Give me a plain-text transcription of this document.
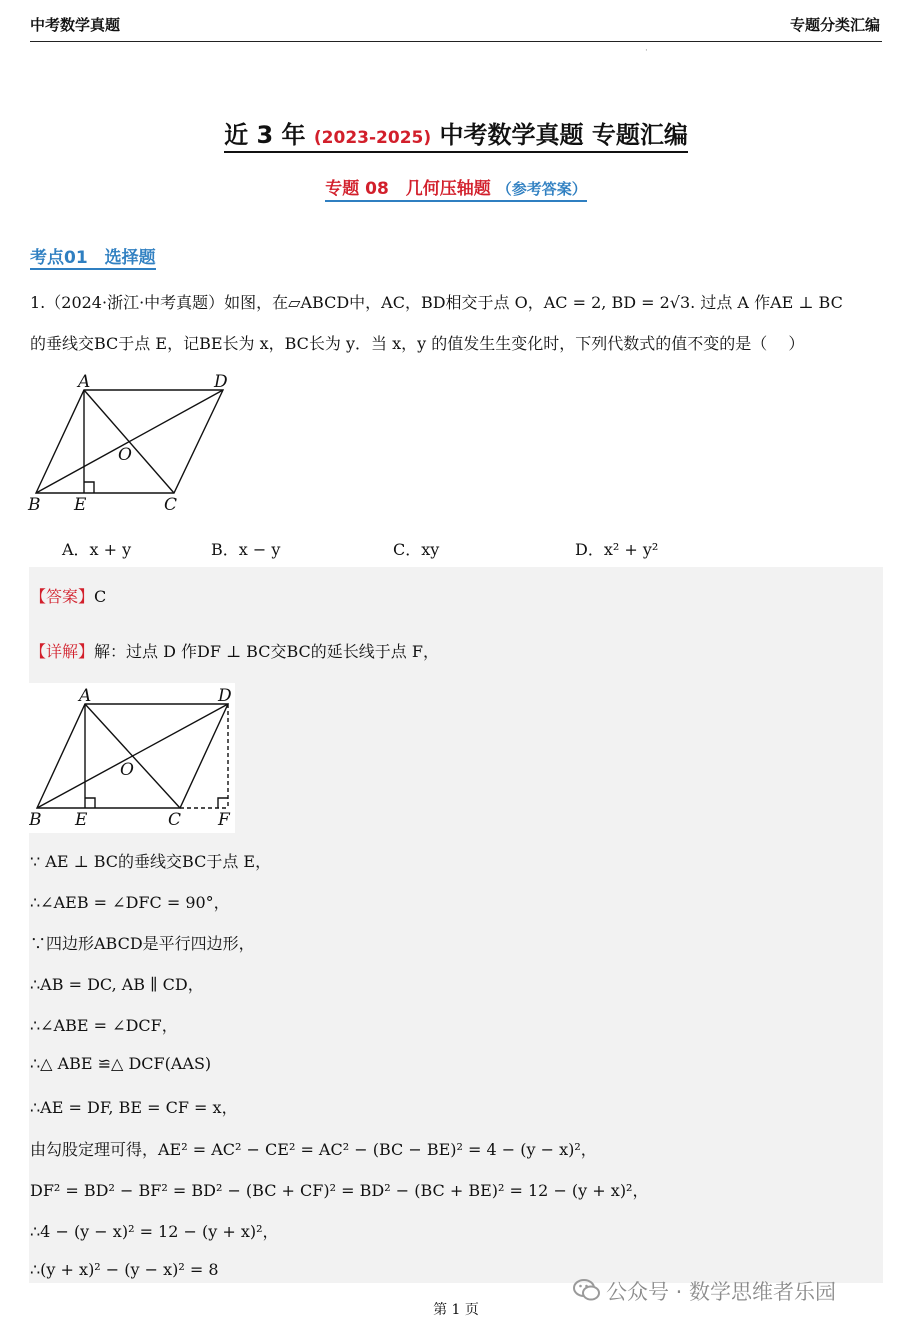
中考数学真题	专题分类汇编
·
近 3 年 (2023-2025) 中考数学真题 专题汇编
专题 08　几何压轴题 （参考答案）
考点01　选择题
1.（2024·浙江·中考真题）如图，在▱ABCD中，AC，BD相交于点 O，AC = 2, BD = 2√3. 过点 A 作AE ⊥ BC
的垂线交BC于点 E，记BE长为 x，BC长为 y．当 x，y 的值发生生变化时，下列代数式的值不变的是（　 ）
A	D
O
B E	C
A．x + y	B．x − y	C．xy	D．x² + y²
【答案】C
【详解】解：过点 D 作DF ⊥ BC交BC的延长线于点 F，
A	D
O
B E	C F
∵ AE ⊥ BC的垂线交BC于点 E，
∴∠AEB = ∠DFC = 90°，
∵四边形ABCD是平行四边形，
∴AB = DC, AB ∥ CD，
∴∠ABE = ∠DCF，
∴△ ABE ≌△ DCF(AAS)
∴AE = DF, BE = CF = x，
由勾股定理可得，AE² = AC² − CE² = AC² − (BC − BE)² = 4 − (y − x)²，
DF² = BD² − BF² = BD² − (BC + CF)² = BD² − (BC + BE)² = 12 − (y + x)²，
∴4 − (y − x)² = 12 − (y + x)²，
∴(y + x)² − (y − x)² = 8
公众号 · 数学思维者乐园
第 1 页
